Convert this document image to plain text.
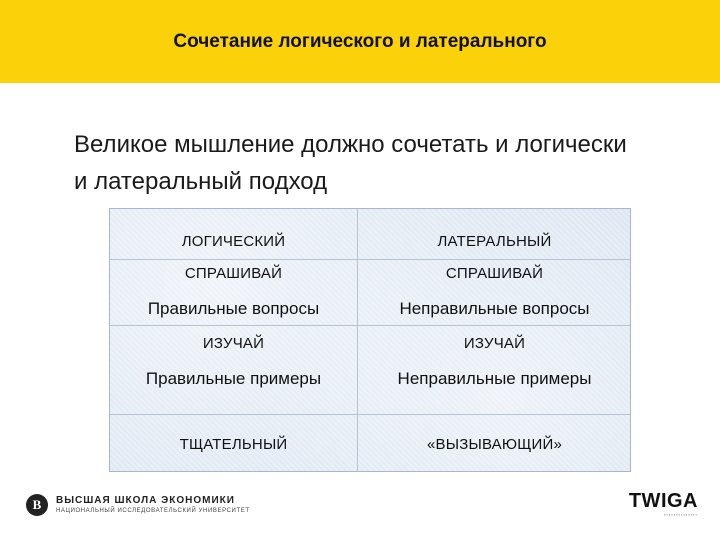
Сочетание логического и латерального
Великое мышление должно сочетать и логически
и латеральный подход
ЛОГИЧЕСКИЙ	ЛАТЕРАЛЬНЫЙ
СПРАШИВАЙ	СПРАШИВАЙ
Правильные вопросы	Неправильные вопросы
ИЗУЧАЙ	ИЗУЧАЙ
Правильные примеры	Неправильные примеры
ТЩАТЕЛЬНЫЙ	«ВЫЗЫВАЮЩИЙ»
В	ВЫСШАЯ ШКОЛА ЭКОНОМИКИ
НАЦИОНАЛЬНЫЙ ИССЛЕДОВАТЕЛЬСКИЙ УНИВЕРСИТЕТ	TWIGA
▪▪▪▪▪▪▪▪▪▪▪▪▪▪
